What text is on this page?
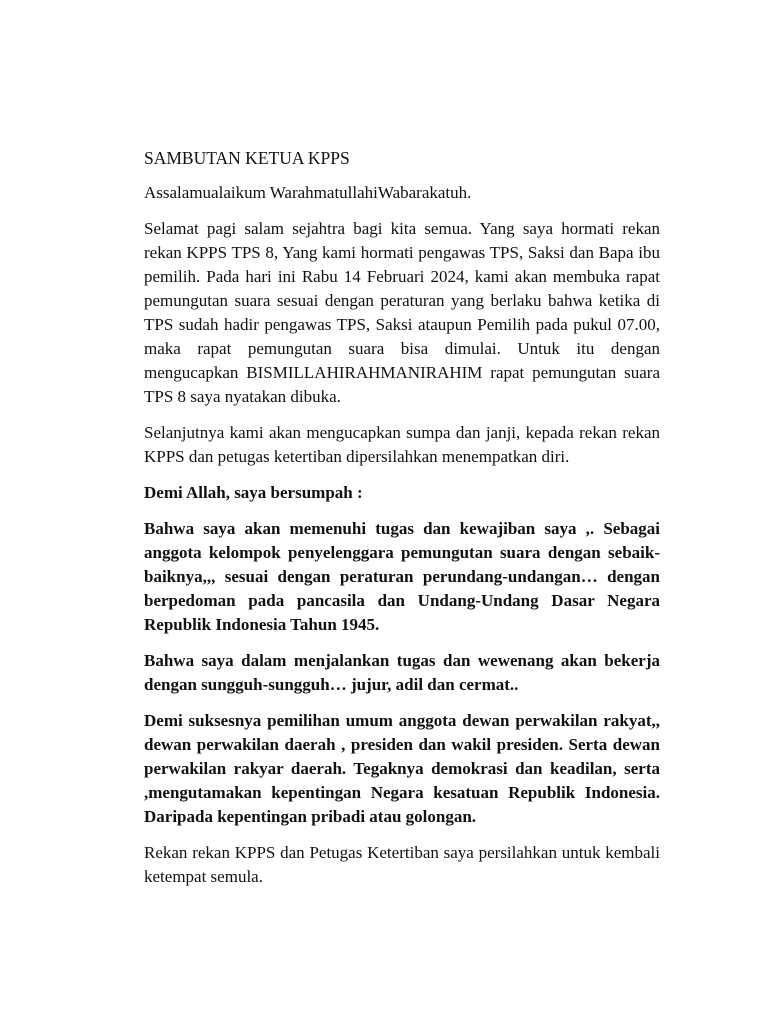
SAMBUTAN KETUA KPPS

Assalamualaikum WarahmatullahiWabarakatuh.

Selamat pagi salam sejahtra bagi kita semua. Yang saya hormati rekan rekan KPPS TPS 8, Yang kami hormati pengawas TPS, Saksi dan Bapa ibu pemilih. Pada hari ini Rabu 14 Februari 2024, kami akan membuka rapat pemungutan suara sesuai dengan peraturan yang berlaku bahwa ketika di TPS sudah hadir pengawas TPS, Saksi ataupun Pemilih pada pukul 07.00, maka rapat pemungutan suara bisa dimulai. Untuk itu dengan mengucapkan BISMILLAHIRAHMANIRAHIM rapat pemungutan suara TPS 8 saya nyatakan dibuka.

Selanjutnya kami akan mengucapkan sumpa dan janji, kepada rekan rekan KPPS dan petugas ketertiban dipersilahkan menempatkan diri.

Demi Allah, saya bersumpah :

Bahwa saya akan memenuhi tugas dan kewajiban saya ,. Sebagai anggota kelompok penyelenggara pemungutan suara dengan sebaik-baiknya,,, sesuai dengan peraturan perundang-undangan… dengan berpedoman pada pancasila dan Undang-Undang Dasar Negara Republik Indonesia Tahun 1945.

Bahwa saya dalam menjalankan tugas dan wewenang akan bekerja dengan sungguh-sungguh… jujur, adil dan cermat..

Demi suksesnya pemilihan umum anggota dewan perwakilan rakyat,, dewan perwakilan daerah , presiden dan wakil presiden. Serta dewan perwakilan rakyar daerah. Tegaknya demokrasi dan keadilan, serta ,mengutamakan kepentingan Negara kesatuan Republik Indonesia. Daripada kepentingan pribadi atau golongan.

Rekan rekan KPPS dan Petugas Ketertiban saya persilahkan untuk kembali ketempat semula.
